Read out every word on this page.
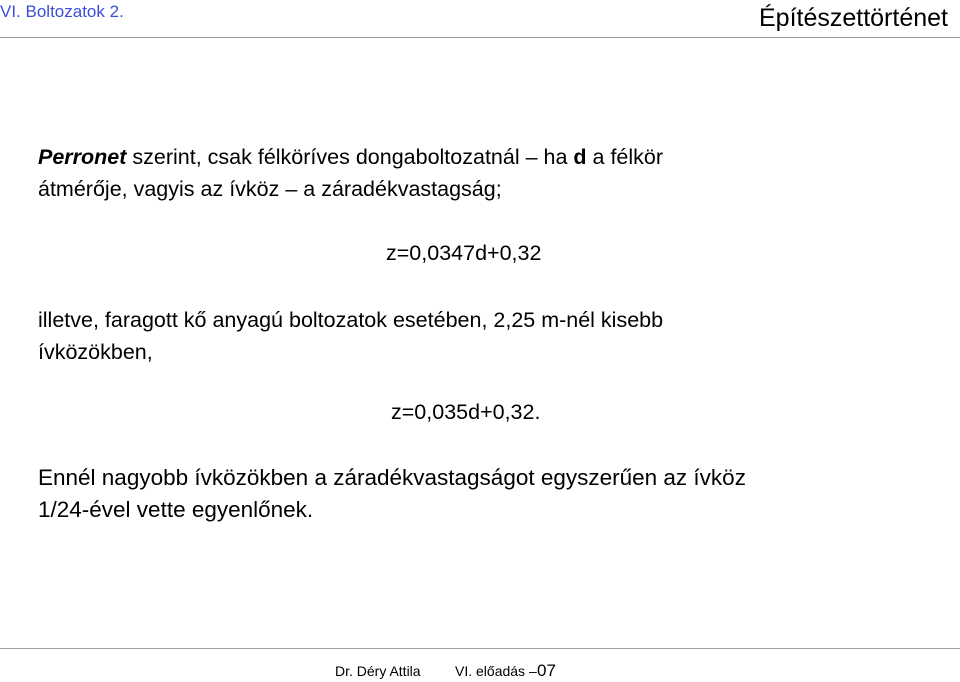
VI. Boltozatok 2.	Építészettörténet
Perronet szerint, csak félköríves dongaboltozatnál – ha d a félkör
átmérője, vagyis az ívköz – a záradékvastagság;
z=0,0347d+0,32
illetve, faragott kő anyagú boltozatok esetében, 2,25 m-nél kisebb
ívközökben,
z=0,035d+0,32.
Ennél nagyobb ívközökben a záradékvastagságot egyszerűen az ívköz
1/24-ével vette egyenlőnek.
Dr. Déry Attila VI. előadás – 07
